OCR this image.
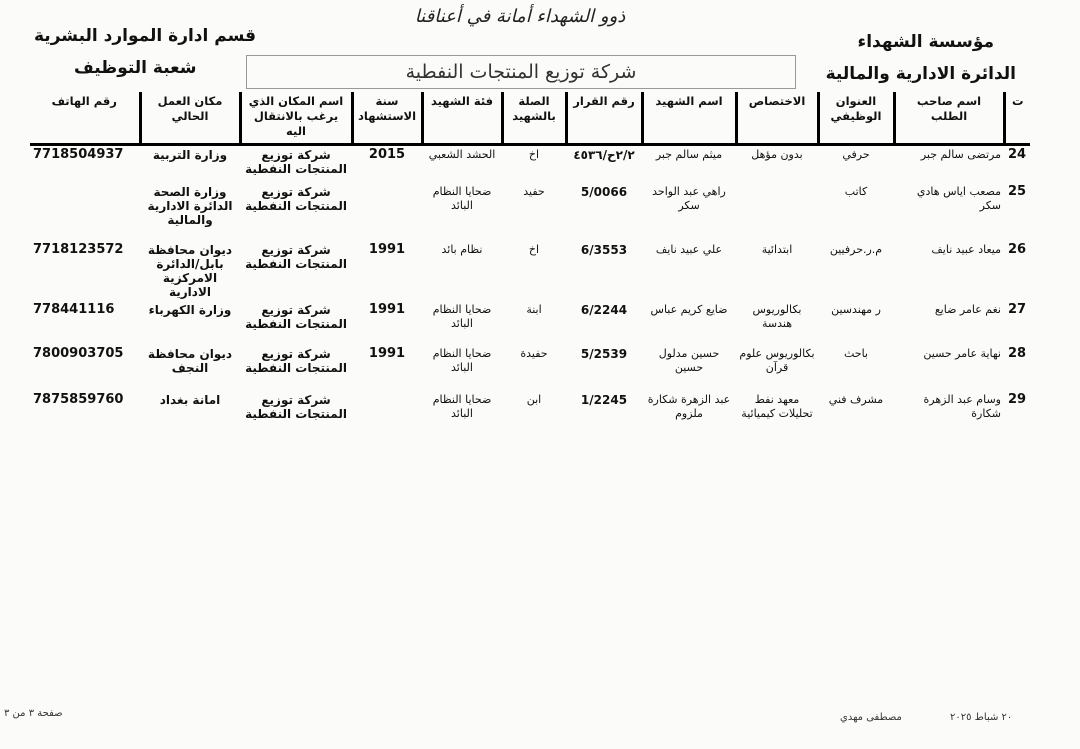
ذوو الشهداء أمانة في أعناقنا
مؤسسة الشهداء
الدائرة الادارية والمالية
قسم ادارة الموارد البشرية
شعبة التوظيف	شركة توزيع المنتجات النفطية
ت	اسم صاحب الطلب	العنوان الوظيفي	الاختصاص	اسم الشهيد	رقم القرار	الصلة بالشهيد	فئة الشهيد	سنة الاستشهاد	اسم المكان الذي يرغب بالانتقال اليه	مكان العمل الحالي	رقم الهاتف
24	مرتضى سالم جبر	حرفي	بدون مؤهل	ميثم سالم جبر	٢/٢ح/٤٥٣٦	اخ	الحشد الشعبي	2015	شركة توزيع المنتجات النفطية	وزارة التربية	7718504937
25	مصعب اياس هادي سكر	كاتب		راهي عبد الواحد سكر	5/0066	حفيد	ضحايا النظام البائد		شركة توزيع المنتجات النفطية	وزارة الصحة الدائرة الادارية والمالية	
26	ميعاد عبيد نايف	م.ر.حرفيين	ابتدائية	علي عبيد نايف	6/3553	اخ	نظام بائد	1991	شركة توزيع المنتجات النفطية	ديوان محافظة بابل/الدائرة الامركزية الادارية	7718123572
27	نغم عامر ضايع	ر مهندسين	بكالوريوس هندسة	ضايع كريم عباس	6/2244	ابنة	ضحايا النظام البائد	1991	شركة توزيع المنتجات النفطية	وزارة الكهرباء	778441116
28	نهاية عامر حسين	باحث	بكالوريوس علوم قرآن	حسين مدلول حسين	5/2539	حفيدة	ضحايا النظام البائد	1991	شركة توزيع المنتجات النفطية	ديوان محافظة النجف	7800903705
29	وسام عبد الزهرة شكارة	مشرف فني	معهد نفط تحليلات كيميائية	عبد الزهرة شكارة ملزوم	1/2245	ابن	ضحايا النظام البائد		شركة توزيع المنتجات النفطية	امانة بغداد	7875859760
صفحة ٣ من ٣	مصطفى مهدي	٢٠ شباط ٢٠٢٥
